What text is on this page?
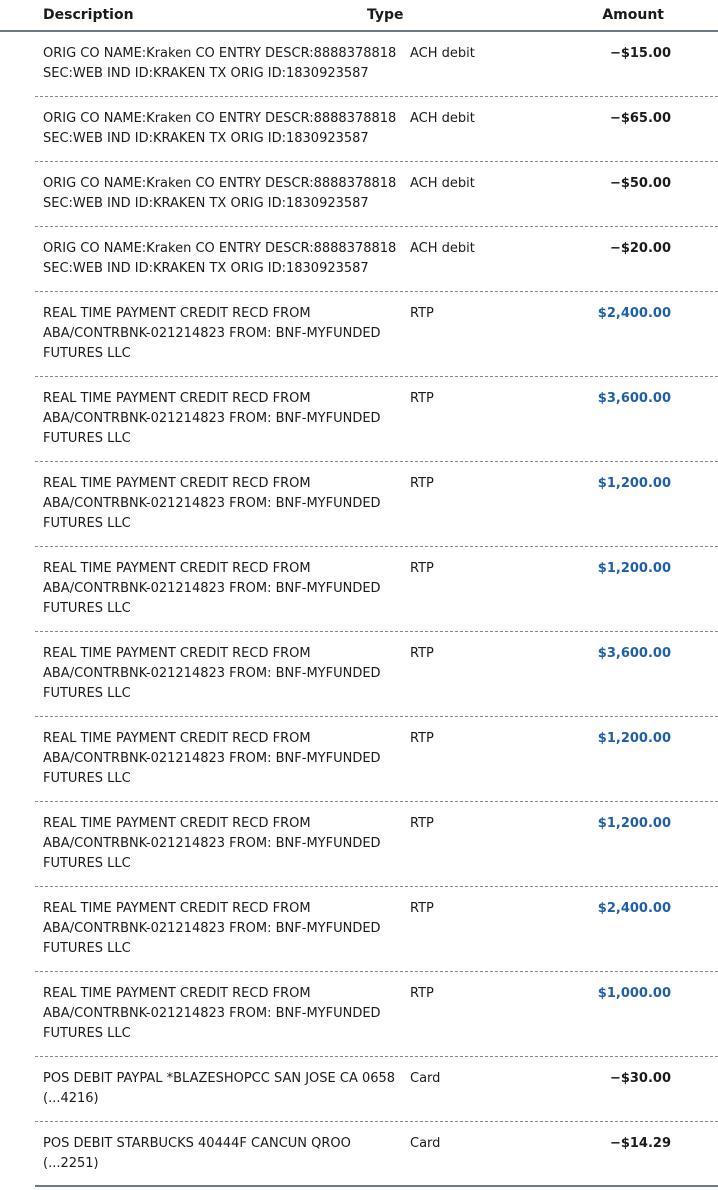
Description	Type	Amount
ORIG CO NAME:Kraken CO ENTRY DESCR:8888378818
SEC:WEB IND ID:KRAKEN TX ORIG ID:1830923587
ACH debit	−$15.00
ORIG CO NAME:Kraken CO ENTRY DESCR:8888378818
SEC:WEB IND ID:KRAKEN TX ORIG ID:1830923587
ACH debit	−$65.00
ORIG CO NAME:Kraken CO ENTRY DESCR:8888378818
SEC:WEB IND ID:KRAKEN TX ORIG ID:1830923587
ACH debit	−$50.00
ORIG CO NAME:Kraken CO ENTRY DESCR:8888378818
SEC:WEB IND ID:KRAKEN TX ORIG ID:1830923587
ACH debit	−$20.00
REAL TIME PAYMENT CREDIT RECD FROM
ABA/CONTRBNK-021214823 FROM: BNF-MYFUNDED
FUTURES LLC
RTP	$2,400.00
REAL TIME PAYMENT CREDIT RECD FROM
ABA/CONTRBNK-021214823 FROM: BNF-MYFUNDED
FUTURES LLC
RTP	$3,600.00
REAL TIME PAYMENT CREDIT RECD FROM
ABA/CONTRBNK-021214823 FROM: BNF-MYFUNDED
FUTURES LLC
RTP	$1,200.00
REAL TIME PAYMENT CREDIT RECD FROM
ABA/CONTRBNK-021214823 FROM: BNF-MYFUNDED
FUTURES LLC
RTP	$1,200.00
REAL TIME PAYMENT CREDIT RECD FROM
ABA/CONTRBNK-021214823 FROM: BNF-MYFUNDED
FUTURES LLC
RTP	$3,600.00
REAL TIME PAYMENT CREDIT RECD FROM
ABA/CONTRBNK-021214823 FROM: BNF-MYFUNDED
FUTURES LLC
RTP	$1,200.00
REAL TIME PAYMENT CREDIT RECD FROM
ABA/CONTRBNK-021214823 FROM: BNF-MYFUNDED
FUTURES LLC
RTP	$1,200.00
REAL TIME PAYMENT CREDIT RECD FROM
ABA/CONTRBNK-021214823 FROM: BNF-MYFUNDED
FUTURES LLC
RTP	$2,400.00
REAL TIME PAYMENT CREDIT RECD FROM
ABA/CONTRBNK-021214823 FROM: BNF-MYFUNDED
FUTURES LLC
RTP	$1,000.00
POS DEBIT PAYPAL *BLAZESHOPCC SAN JOSE CA 0658
(...4216)
Card	−$30.00
POS DEBIT STARBUCKS 40444F CANCUN QROO
(...2251)
Card	−$14.29
